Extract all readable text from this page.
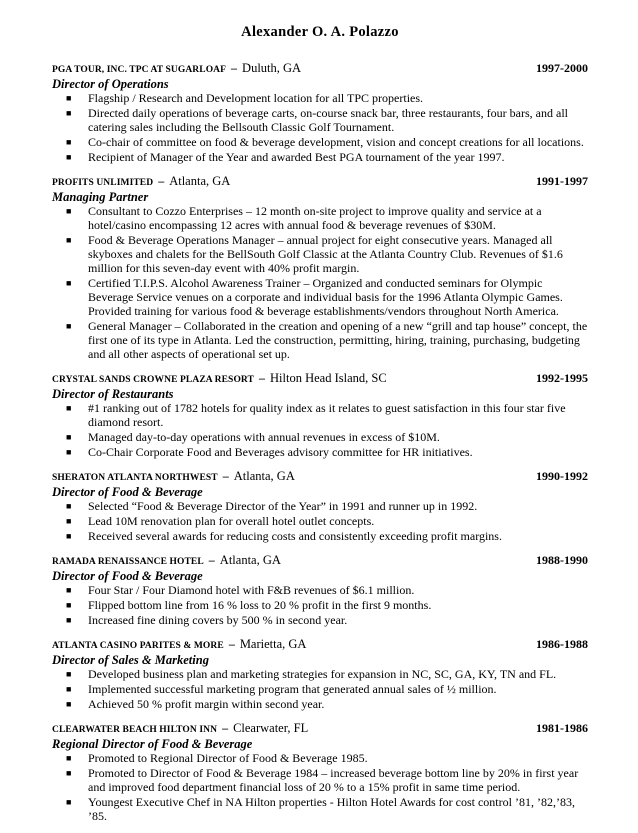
Alexander O. A. Polazzo
PGA TOUR, INC. TPC AT SUGARLOAF – Duluth, GA	1997-2000
Director of Operations
■ Flagship / Research and Development location for all TPC properties.
■ Directed daily operations of beverage carts, on-course snack bar, three restaurants, four bars, and all catering sales including the Bellsouth Classic Golf Tournament.
■ Co-chair of committee on food & beverage development, vision and concept creations for all locations.
■ Recipient of Manager of the Year and awarded Best PGA tournament of the year 1997.
PROFITS UNLIMITED – Atlanta, GA	1991-1997
Managing Partner
■ Consultant to Cozzo Enterprises – 12 month on-site project to improve quality and service at a hotel/casino encompassing 12 acres with annual food & beverage revenues of $30M.
■ Food & Beverage Operations Manager – annual project for eight consecutive years. Managed all skyboxes and chalets for the BellSouth Golf Classic at the Atlanta Country Club. Revenues of $1.6 million for this seven-day event with 40% profit margin.
■ Certified T.I.P.S. Alcohol Awareness Trainer – Organized and conducted seminars for Olympic Beverage Service venues on a corporate and individual basis for the 1996 Atlanta Olympic Games. Provided training for various food & beverage establishments/vendors throughout North America.
■ General Manager – Collaborated in the creation and opening of a new “grill and tap house” concept, the first one of its type in Atlanta. Led the construction, permitting, hiring, training, purchasing, budgeting and all other aspects of operational set up.
CRYSTAL SANDS CROWNE PLAZA RESORT – Hilton Head Island, SC	1992-1995
Director of Restaurants
■ #1 ranking out of 1782 hotels for quality index as it relates to guest satisfaction in this four star five diamond resort.
■ Managed day-to-day operations with annual revenues in excess of $10M.
■ Co-Chair Corporate Food and Beverages advisory committee for HR initiatives.
SHERATON ATLANTA NORTHWEST – Atlanta, GA	1990-1992
Director of Food & Beverage
■ Selected “Food & Beverage Director of the Year” in 1991 and runner up in 1992.
■ Lead 10M renovation plan for overall hotel outlet concepts.
■ Received several awards for reducing costs and consistently exceeding profit margins.
RAMADA RENAISSANCE HOTEL – Atlanta, GA	1988-1990
Director of Food & Beverage
■ Four Star / Four Diamond hotel with F&B revenues of $6.1 million.
■ Flipped bottom line from 16 % loss to 20 % profit in the first 9 months.
■ Increased fine dining covers by 500 % in second year.
ATLANTA CASINO PARITES & MORE – Marietta, GA	1986-1988
Director of Sales & Marketing
■ Developed business plan and marketing strategies for expansion in NC, SC, GA, KY, TN and FL.
■ Implemented successful marketing program that generated annual sales of ½ million.
■ Achieved 50 % profit margin within second year.
CLEARWATER BEACH HILTON INN – Clearwater, FL	1981-1986
Regional Director of Food & Beverage
■ Promoted to Regional Director of Food & Beverage 1985.
■ Promoted to Director of Food & Beverage 1984 – increased beverage bottom line by 20% in first year and improved food department financial loss of 20 % to a 15% profit in same time period.
■ Youngest Executive Chef in NA Hilton properties - Hilton Hotel Awards for cost control ’81, ’82,’83, ’85.
